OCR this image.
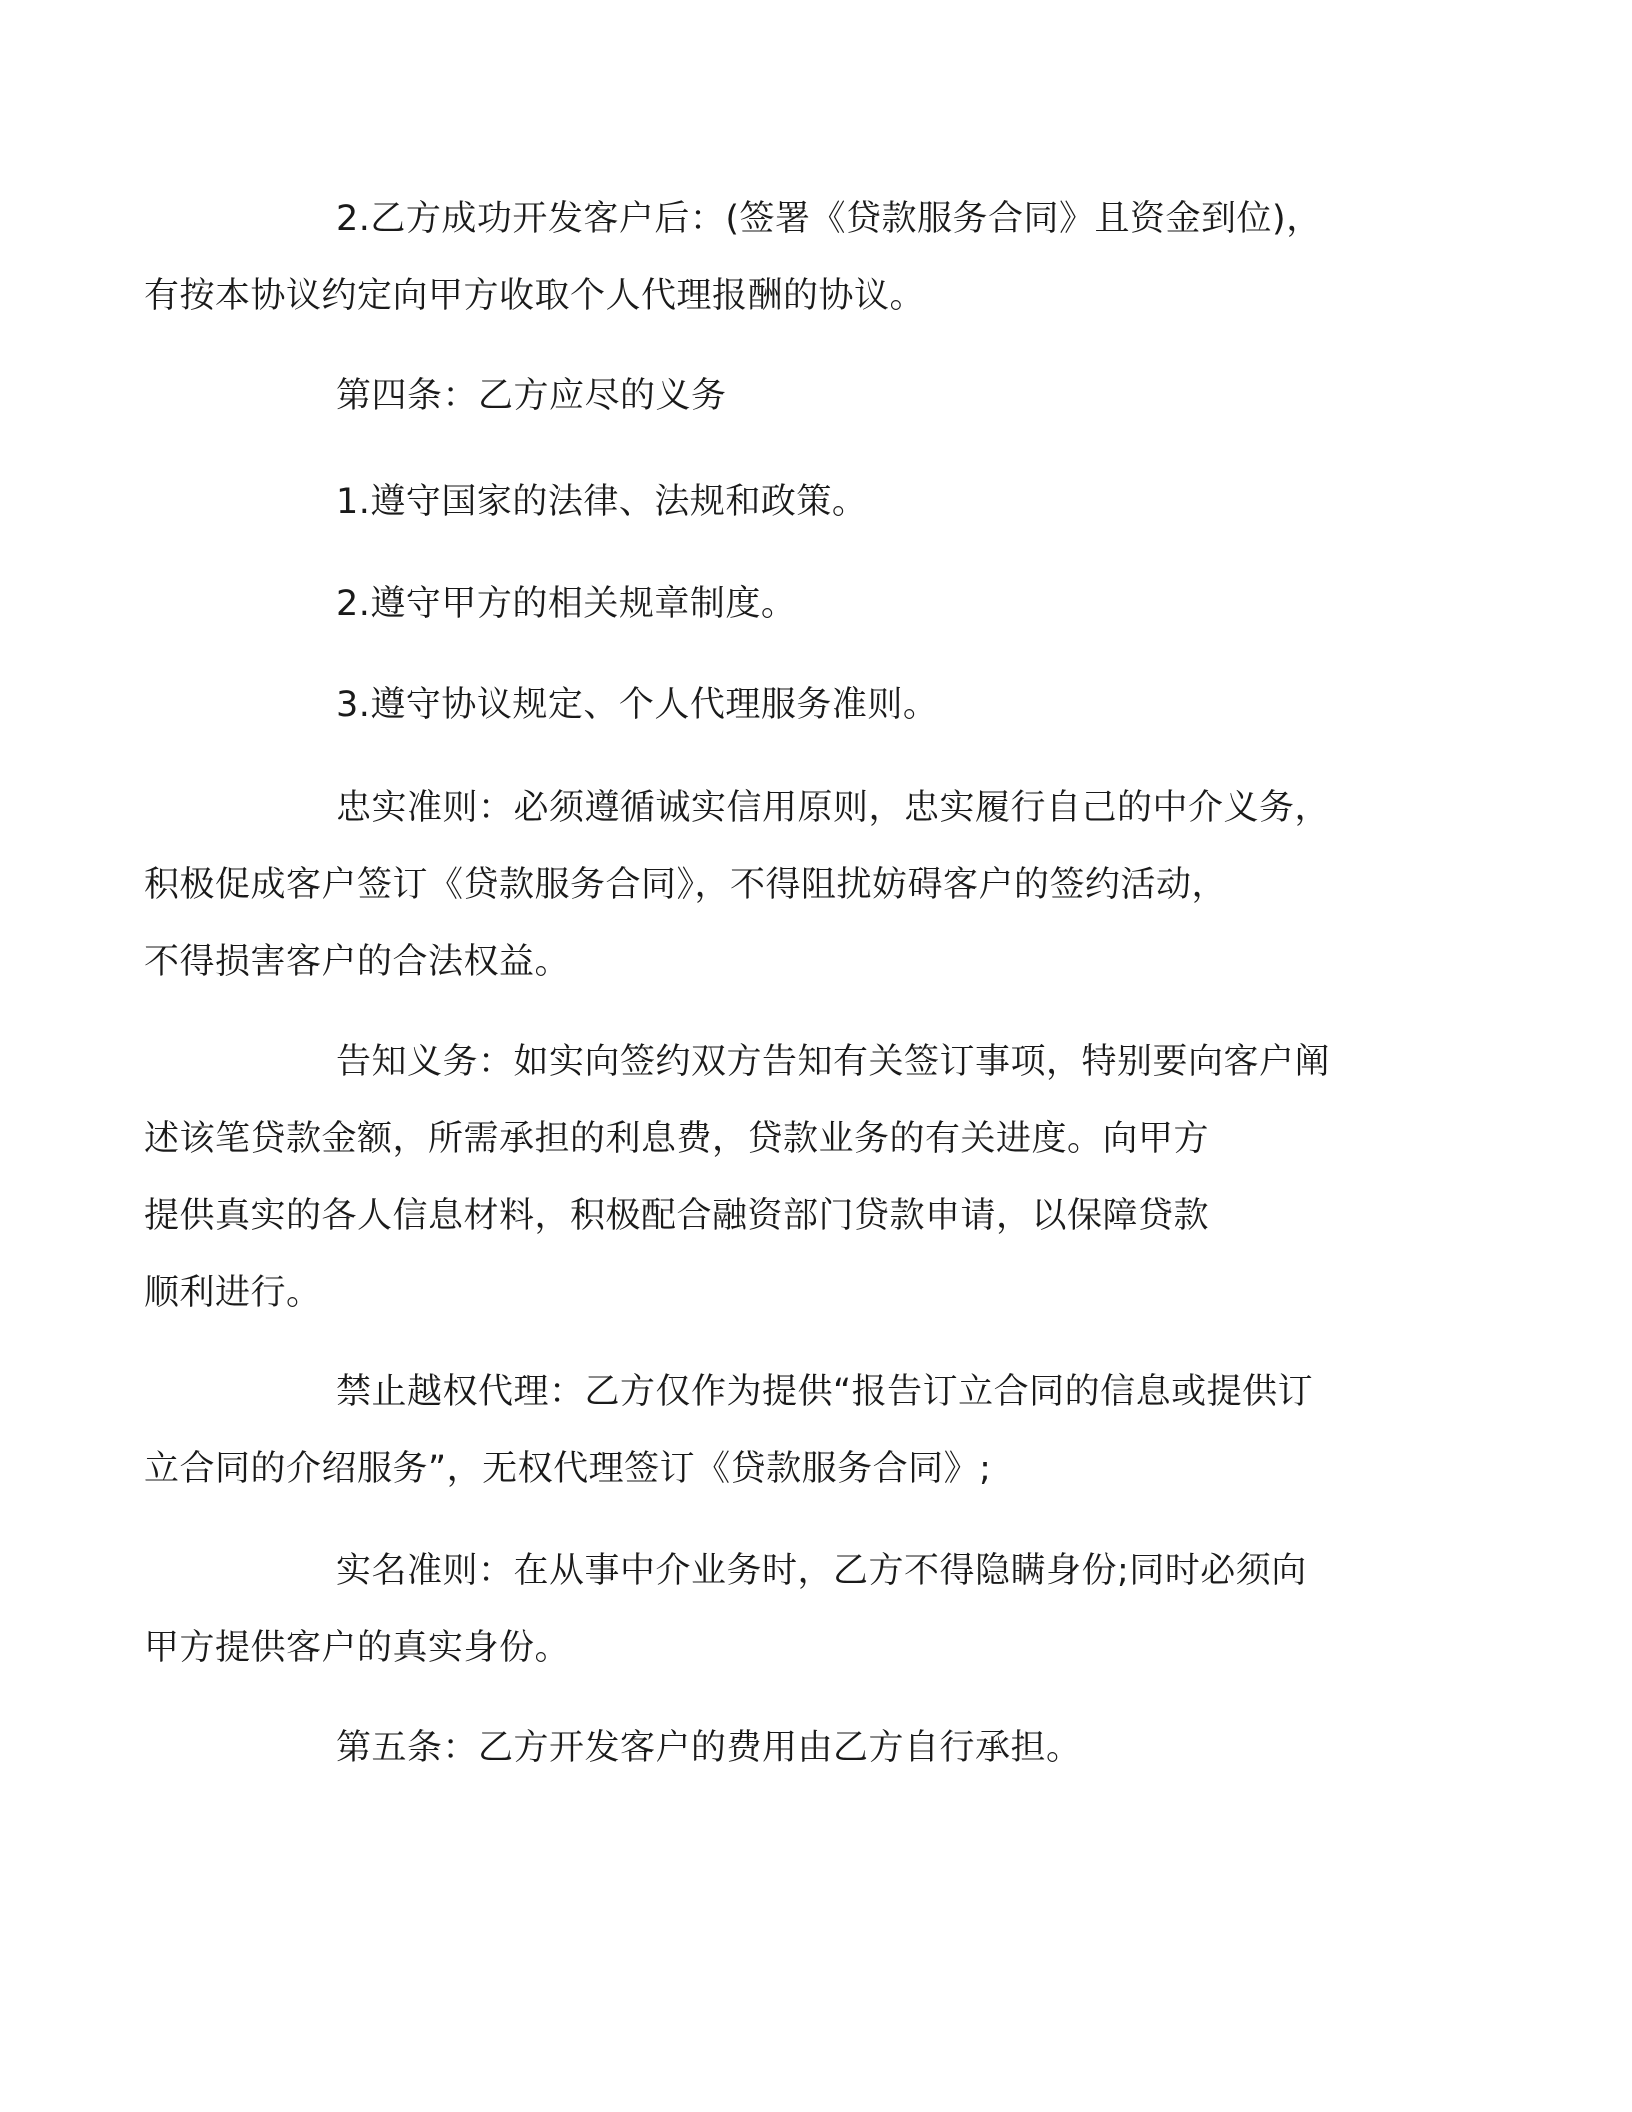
2.乙方成功开发客户后：(签署《贷款服务合同》且资金到位)，
有按本协议约定向甲方收取个人代理报酬的协议。

第四条：乙方应尽的义务

1.遵守国家的法律、法规和政策。

2.遵守甲方的相关规章制度。

3.遵守协议规定、个人代理服务准则。

忠实准则：必须遵循诚实信用原则，忠实履行自己的中介义务，
积极促成客户签订《贷款服务合同》，不得阻扰妨碍客户的签约活动，
不得损害客户的合法权益。

告知义务：如实向签约双方告知有关签订事项，特别要向客户阐
述该笔贷款金额，所需承担的利息费，贷款业务的有关进度。向甲方
提供真实的各人信息材料，积极配合融资部门贷款申请，以保障贷款
顺利进行。

禁止越权代理：乙方仅作为提供“报告订立合同的信息或提供订
立合同的介绍服务”，无权代理签订《贷款服务合同》;

实名准则：在从事中介业务时，乙方不得隐瞒身份;同时必须向
甲方提供客户的真实身份。

第五条：乙方开发客户的费用由乙方自行承担。
